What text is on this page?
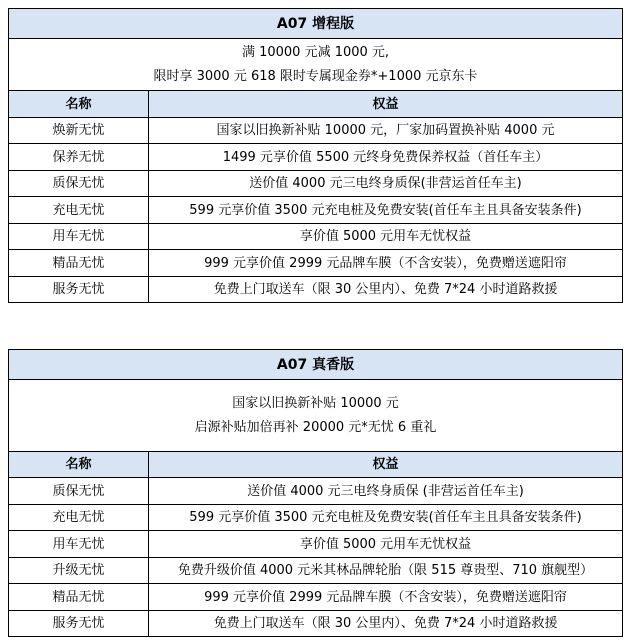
A07 增程版	

满 10000 元减 1000 元,
限时享 3000 元 618 限时专属现金券*+1000 元京东卡	

名称	权益
焕新无忧	国家以旧换新补贴 10000 元，厂家加码置换补贴 4000 元
保养无忧	1499 元享价值 5500 元终身免费保养权益（首任车主）
质保无忧	送价值 4000 元三电终身质保(非营运首任车主)
充电无忧	599 元享价值 3500 元充电桩及免费安装(首任车主且具备安装条件)
用车无忧	享价值 5000 元用车无忧权益
精品无忧	999 元享价值 2999 元品牌车膜（不含安装），免费赠送遮阳帘
服务无忧	免费上门取送车（限 30 公里内）、免费 7*24 小时道路救援
A07 真香版	

国家以旧换新补贴 10000 元
启源补贴加倍再补 20000 元*无忧 6 重礼	

名称	权益
质保无忧	送价值 4000 元三电终身质保 (非营运首任车主)
充电无忧	599 元享价值 3500 元充电桩及免费安装(首任车主且具备安装条件)
用车无忧	享价值 5000 元用车无忧权益
升级无忧	免费升级价值 4000 元米其林品牌轮胎（限 515 尊贵型、710 旗舰型）
精品无忧	999 元享价值 2999 元品牌车膜（不含安装），免费赠送遮阳帘
服务无忧	免费上门取送车（限 30 公里内）、免费 7*24 小时道路救援
